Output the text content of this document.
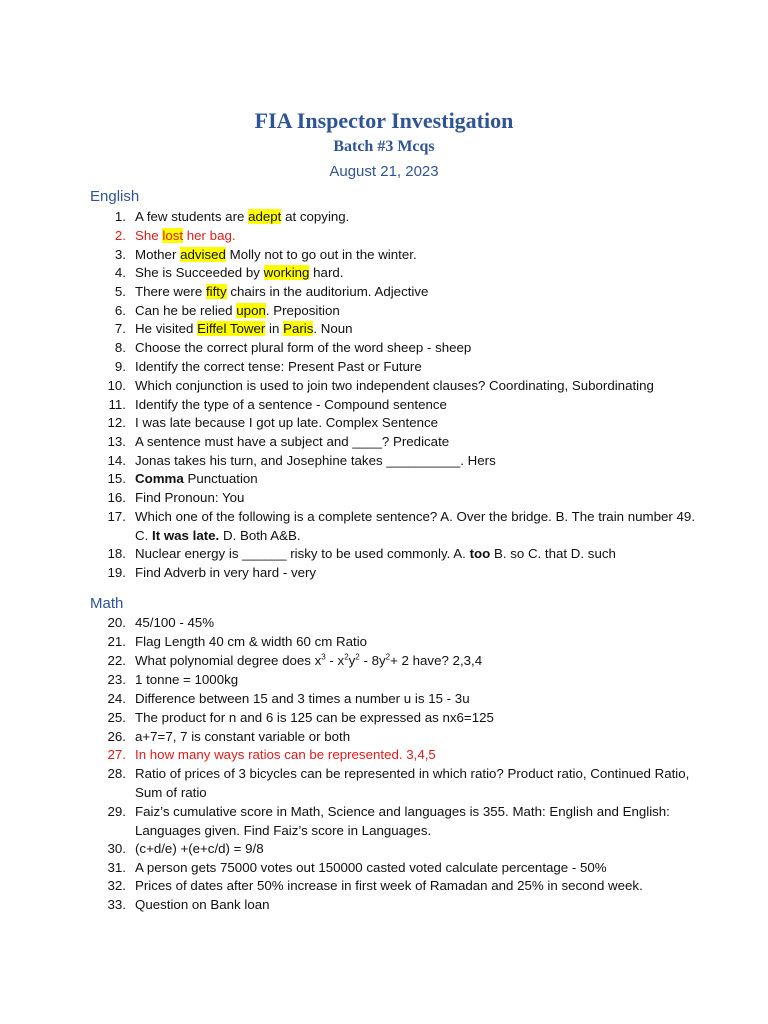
FIA Inspector Investigation
Batch #3 Mcqs
August 21, 2023
English
1. A few students are adept at copying.
2. She lost her bag.
3. Mother advised Molly not to go out in the winter.
4. She is Succeeded by working hard.
5. There were fifty chairs in the auditorium. Adjective
6. Can he be relied upon. Preposition
7. He visited Eiffel Tower in Paris. Noun
8. Choose the correct plural form of the word sheep - sheep
9. Identify the correct tense: Present Past or Future
10. Which conjunction is used to join two independent clauses? Coordinating, Subordinating
11. Identify the type of a sentence - Compound sentence
12. I was late because I got up late. Complex Sentence
13. A sentence must have a subject and ____? Predicate
14. Jonas takes his turn, and Josephine takes __________. Hers
15. Comma Punctuation
16. Find Pronoun: You
17. Which one of the following is a complete sentence? A. Over the bridge. B. The train number 49.
C. It was late. D. Both A&B.
18. Nuclear energy is ______ risky to be used commonly. A. too B. so C. that D. such
19. Find Adverb in very hard - very
Math
20. 45/100 - 45%
21. Flag Length 40 cm & width 60 cm Ratio
22. What polynomial degree does $x^3 - x^2y^2 - 8y^2+ 2$ have? 2,3,4
23. 1 tonne = 1000kg
24. Difference between 15 and 3 times a number u is 15 - 3u
25. The product for n and 6 is 125 can be expressed as nx6=125
26. a+7=7, 7 is constant variable or both
27. In how many ways ratios can be represented. 3,4,5
28. Ratio of prices of 3 bicycles can be represented in which ratio? Product ratio, Continued Ratio,
Sum of ratio
29. Faiz’s cumulative score in Math, Science and languages is 355. Math: English and English:
Languages given. Find Faiz’s score in Languages.
30. (c+d/e) +(e+c/d) = 9/8
31. A person gets 75000 votes out 150000 casted voted calculate percentage - 50%
32. Prices of dates after 50% increase in first week of Ramadan and 25% in second week.
33. Question on Bank loan
